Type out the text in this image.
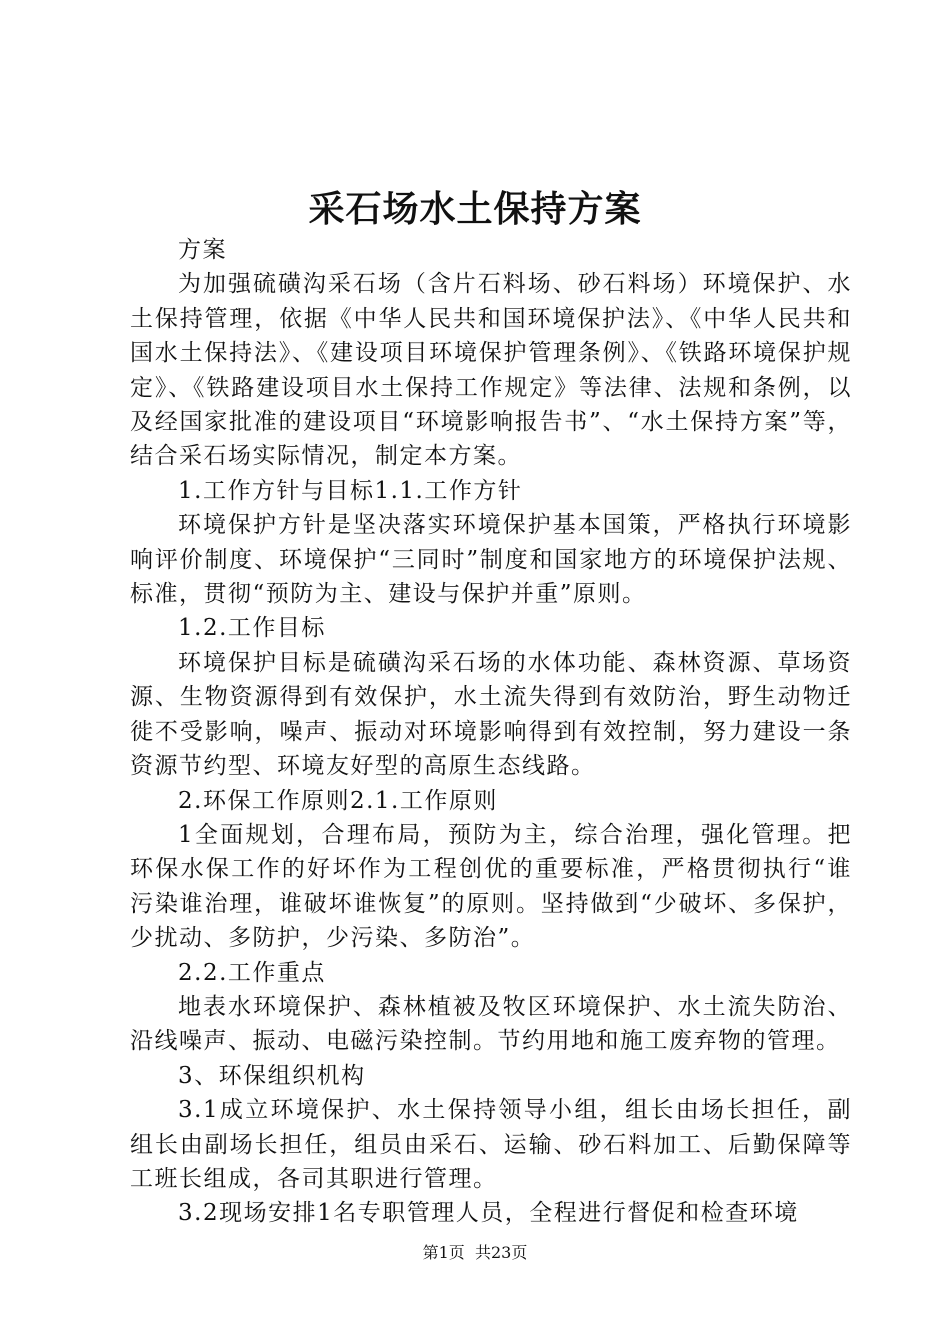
采石场水土保持方案

方案

为加强硫磺沟采石场（含片石料场、砂石料场）环境保护、水土保持管理，依据《中华人民共和国环境保护法》、《中华人民共和国水土保持法》、《建设项目环境保护管理条例》、《铁路环境保护规定》、《铁路建设项目水土保持工作规定》等法律、法规和条例，以及经国家批准的建设项目“环境影响报告书”、“水土保持方案”等，结合采石场实际情况，制定本方案。

1.工作方针与目标1.1.工作方针

环境保护方针是坚决落实环境保护基本国策，严格执行环境影响评价制度、环境保护“三同时”制度和国家地方的环境保护法规、标准，贯彻“预防为主、建设与保护并重”原则。

1.2.工作目标

环境保护目标是硫磺沟采石场的水体功能、森林资源、草场资源、生物资源得到有效保护，水土流失得到有效防治，野生动物迁徙不受影响，噪声、振动对环境影响得到有效控制，努力建设一条资源节约型、环境友好型的高原生态线路。

2.环保工作原则2.1.工作原则

1全面规划，合理布局，预防为主，综合治理，强化管理。把环保水保工作的好坏作为工程创优的重要标准，严格贯彻执行“谁污染谁治理，谁破坏谁恢复”的原则。坚持做到“少破坏、多保护，少扰动、多防护，少污染、多防治”。

2.2.工作重点

地表水环境保护、森林植被及牧区环境保护、水土流失防治、沿线噪声、振动、电磁污染控制。节约用地和施工废弃物的管理。

3、环保组织机构

3.1成立环境保护、水土保持领导小组，组长由场长担任，副组长由副场长担任，组员由采石、运输、砂石料加工、后勤保障等工班长组成，各司其职进行管理。

3.2现场安排1名专职管理人员，全程进行督促和检查环境

第1页 共23页
